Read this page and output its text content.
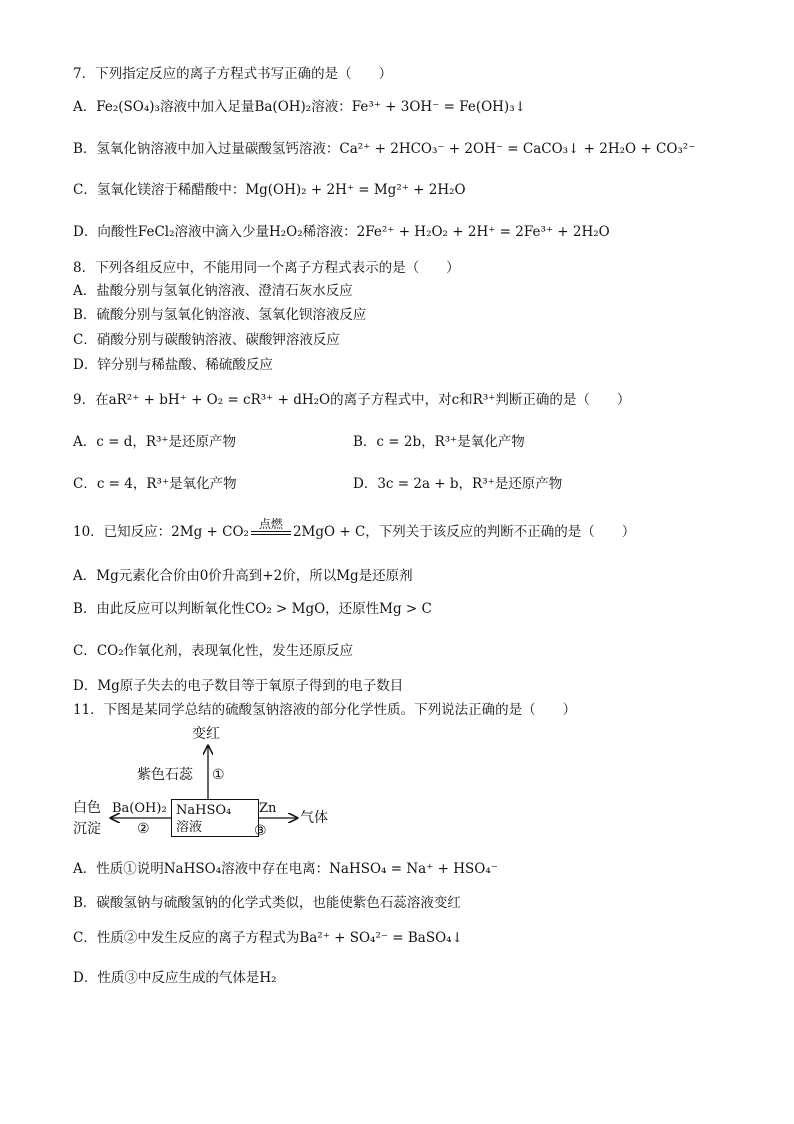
7．下列指定反应的离子方程式书写正确的是（　　）
A．Fe₂(SO₄)₃溶液中加入足量Ba(OH)₂溶液：Fe³⁺ + 3OH⁻ = Fe(OH)₃↓
B．氢氧化钠溶液中加入过量碳酸氢钙溶液：Ca²⁺ + 2HCO₃⁻ + 2OH⁻ = CaCO₃↓ + 2H₂O + CO₃²⁻
C．氢氧化镁溶于稀醋酸中：Mg(OH)₂ + 2H⁺ = Mg²⁺ + 2H₂O
D．向酸性FeCl₂溶液中滴入少量H₂O₂稀溶液：2Fe²⁺ + H₂O₂ + 2H⁺ = 2Fe³⁺ + 2H₂O
8．下列各组反应中，不能用同一个离子方程式表示的是（　　）
A．盐酸分别与氢氧化钠溶液、澄清石灰水反应
B．硫酸分别与氢氧化钠溶液、氢氧化钡溶液反应
C．硝酸分别与碳酸钠溶液、碳酸钾溶液反应
D．锌分别与稀盐酸、稀硫酸反应
9．在aR²⁺ + bH⁺ + O₂ = cR³⁺ + dH₂O的离子方程式中，对c和R³⁺判断正确的是（　　）
A．c = d，R³⁺是还原产物	B．c = 2b，R³⁺是氧化产物
C．c = 4，R³⁺是氧化产物	D．3c = 2a + b，R³⁺是还原产物
10．已知反应：2Mg + CO₂
点燃
2MgO + C，下列关于该反应的判断不正确的是（　　）
A．Mg元素化合价由0价升高到+2价，所以Mg是还原剂
B．由此反应可以判断氧化性CO₂ > MgO，还原性Mg > C
C．CO₂作氧化剂，表现氧化性，发生还原反应
D．Mg原子失去的电子数目等于氧原子得到的电子数目
11．下图是某同学总结的硫酸氢钠溶液的部分化学性质。下列说法正确的是（　　）
变红
紫色石蕊 ①
NaHSO₄
溶液
白色
沉淀
Ba(OH)₂
②
Zn
③
气体
A．性质①说明NaHSO₄溶液中存在电离：NaHSO₄ = Na⁺ + HSO₄⁻
B．碳酸氢钠与硫酸氢钠的化学式类似，也能使紫色石蕊溶液变红
C．性质②中发生反应的离子方程式为Ba²⁺ + SO₄²⁻ = BaSO₄↓
D．性质③中反应生成的气体是H₂
